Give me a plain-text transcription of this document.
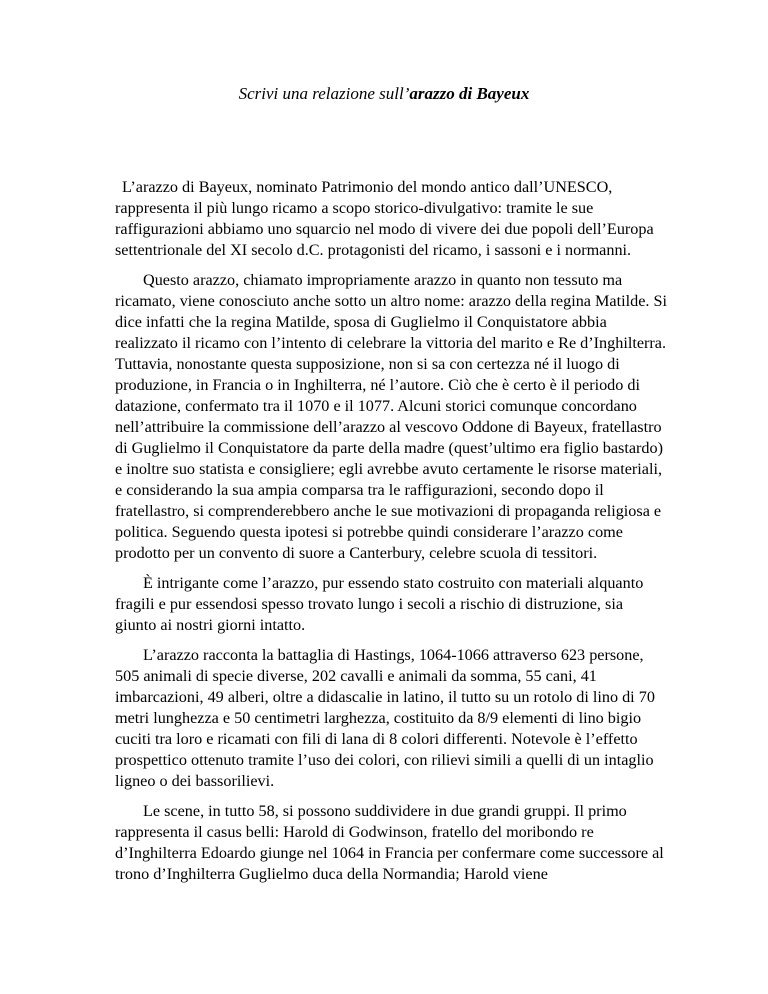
Scrivi una relazione sull’arazzo di Bayeux

L’arazzo di Bayeux, nominato Patrimonio del mondo antico dall’UNESCO, rappresenta il più lungo ricamo a scopo storico-divulgativo: tramite le sue raffigurazioni abbiamo uno squarcio nel modo di vivere dei due popoli dell’Europa settentrionale del XI secolo d.C. protagonisti del ricamo, i sassoni e i normanni.

Questo arazzo, chiamato impropriamente arazzo in quanto non tessuto ma ricamato, viene conosciuto anche sotto un altro nome: arazzo della regina Matilde. Si dice infatti che la regina Matilde, sposa di Guglielmo il Conquistatore abbia realizzato il ricamo con l’intento di celebrare la vittoria del marito e Re d’Inghilterra. Tuttavia, nonostante questa supposizione, non si sa con certezza né il luogo di produzione, in Francia o in Inghilterra, né l’autore. Ciò che è certo è il periodo di datazione, confermato tra il 1070 e il 1077. Alcuni storici comunque concordano nell’attribuire la commissione dell’arazzo al vescovo Oddone di Bayeux, fratellastro di Guglielmo il Conquistatore da parte della madre (quest’ultimo era figlio bastardo) e inoltre suo statista e consigliere; egli avrebbe avuto certamente le risorse materiali, e considerando la sua ampia comparsa tra le raffigurazioni, secondo dopo il fratellastro, si comprenderebbero anche le sue motivazioni di propaganda religiosa e politica. Seguendo questa ipotesi si potrebbe quindi considerare l’arazzo come prodotto per un convento di suore a Canterbury, celebre scuola di tessitori.

È intrigante come l’arazzo, pur essendo stato costruito con materiali alquanto fragili e pur essendosi spesso trovato lungo i secoli a rischio di distruzione, sia giunto ai nostri giorni intatto.

L’arazzo racconta la battaglia di Hastings, 1064-1066 attraverso 623 persone, 505 animali di specie diverse, 202 cavalli e animali da somma, 55 cani, 41 imbarcazioni, 49 alberi, oltre a didascalie in latino, il tutto su un rotolo di lino di 70 metri lunghezza e 50 centimetri larghezza, costituito da 8/9 elementi di lino bigio cuciti tra loro e ricamati con fili di lana di 8 colori differenti. Notevole è l’effetto prospettico ottenuto tramite l’uso dei colori, con rilievi simili a quelli di un intaglio ligneo o dei bassorilievi.

Le scene, in tutto 58, si possono suddividere in due grandi gruppi. Il primo rappresenta il casus belli: Harold di Godwinson, fratello del moribondo re d’Inghilterra Edoardo giunge nel 1064 in Francia per confermare come successore al trono d’Inghilterra Guglielmo duca della Normandia; Harold viene
